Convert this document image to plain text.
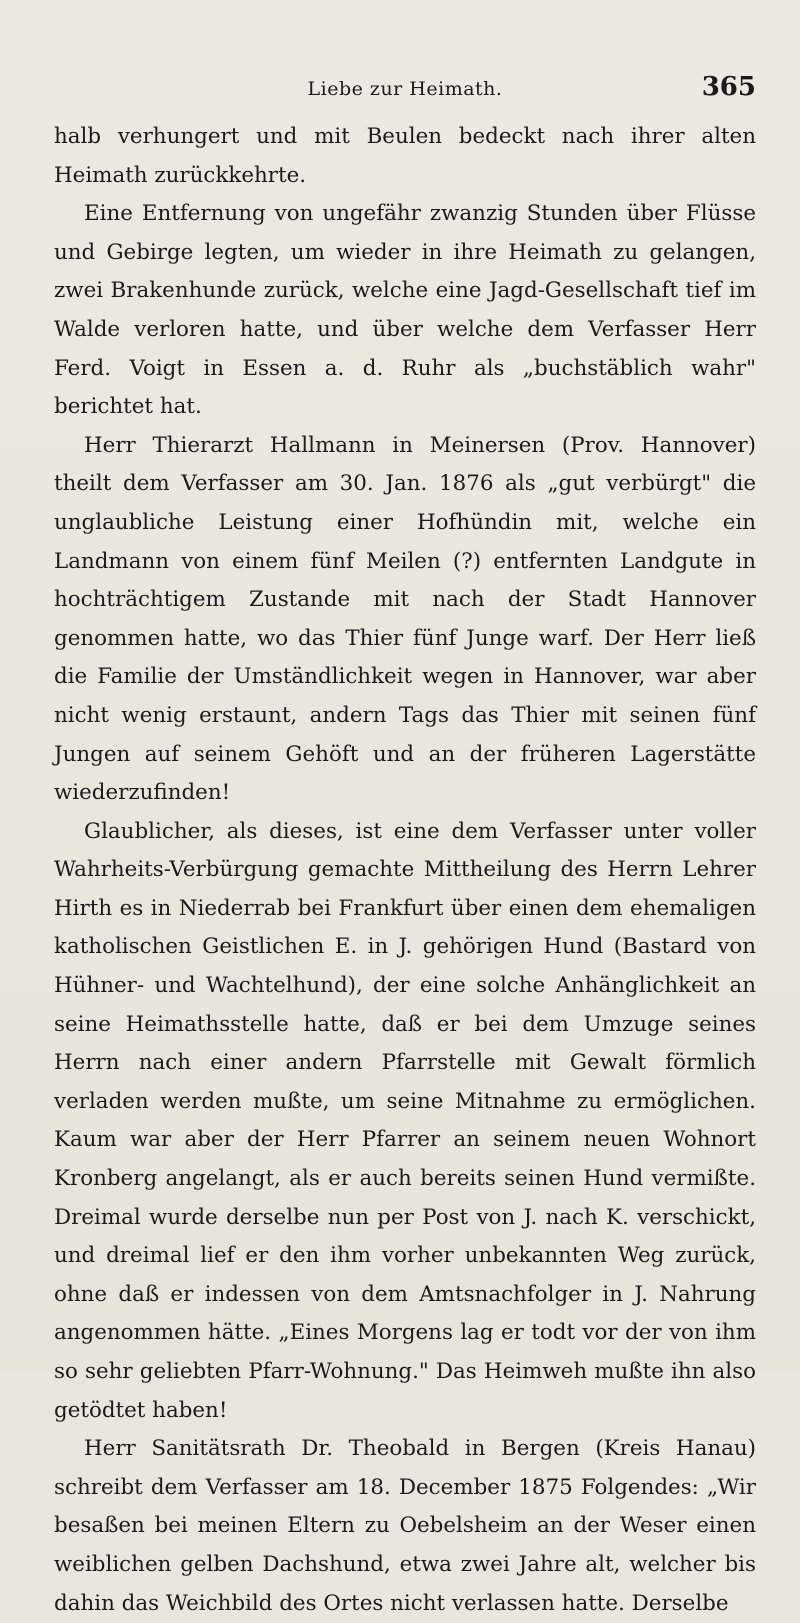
Liebe zur Heimath.	365

halb verhungert und mit Beulen bedeckt nach ihrer alten Heimath zurückkehrte.

Eine Entfernung von ungefähr zwanzig Stunden über Flüsse und Gebirge legten, um wieder in ihre Heimath zu gelangen, zwei Brakenhunde zurück, welche eine Jagd-Gesellschaft tief im Walde verloren hatte, und über welche dem Verfasser Herr Ferd. Voigt in Essen a. d. Ruhr als „buchstäblich wahr" berichtet hat.

Herr Thierarzt Hallmann in Meinersen (Prov. Hannover) theilt dem Verfasser am 30. Jan. 1876 als „gut verbürgt" die unglaubliche Leistung einer Hofhündin mit, welche ein Landmann von einem fünf Meilen (?) entfernten Landgute in hochträchtigem Zustande mit nach der Stadt Hannover genommen hatte, wo das Thier fünf Junge warf. Der Herr ließ die Familie der Umständlichkeit wegen in Hannover, war aber nicht wenig erstaunt, andern Tags das Thier mit seinen fünf Jungen auf seinem Gehöft und an der früheren Lagerstätte wiederzufinden!

Glaublicher, als dieses, ist eine dem Verfasser unter voller Wahrheits-Verbürgung gemachte Mittheilung des Herrn Lehrer Hirth es in Niederrab bei Frankfurt über einen dem ehemaligen katholischen Geistlichen E. in J. gehörigen Hund (Bastard von Hühner- und Wachtelhund), der eine solche Anhänglichkeit an seine Heimathsstelle hatte, daß er bei dem Umzuge seines Herrn nach einer andern Pfarrstelle mit Gewalt förmlich verladen werden mußte, um seine Mitnahme zu ermöglichen. Kaum war aber der Herr Pfarrer an seinem neuen Wohnort Kronberg angelangt, als er auch bereits seinen Hund vermißte. Dreimal wurde derselbe nun per Post von J. nach K. verschickt, und dreimal lief er den ihm vorher unbekannten Weg zurück, ohne daß er indessen von dem Amtsnachfolger in J. Nahrung angenommen hätte. „Eines Morgens lag er todt vor der von ihm so sehr geliebten Pfarr-Wohnung." Das Heimweh mußte ihn also getödtet haben!

Herr Sanitätsrath Dr. Theobald in Bergen (Kreis Hanau) schreibt dem Verfasser am 18. December 1875 Folgendes: „Wir besaßen bei meinen Eltern zu Oebelsheim an der Weser einen weiblichen gelben Dachshund, etwa zwei Jahre alt, welcher bis dahin das Weichbild des Ortes nicht verlassen hatte. Derselbe
